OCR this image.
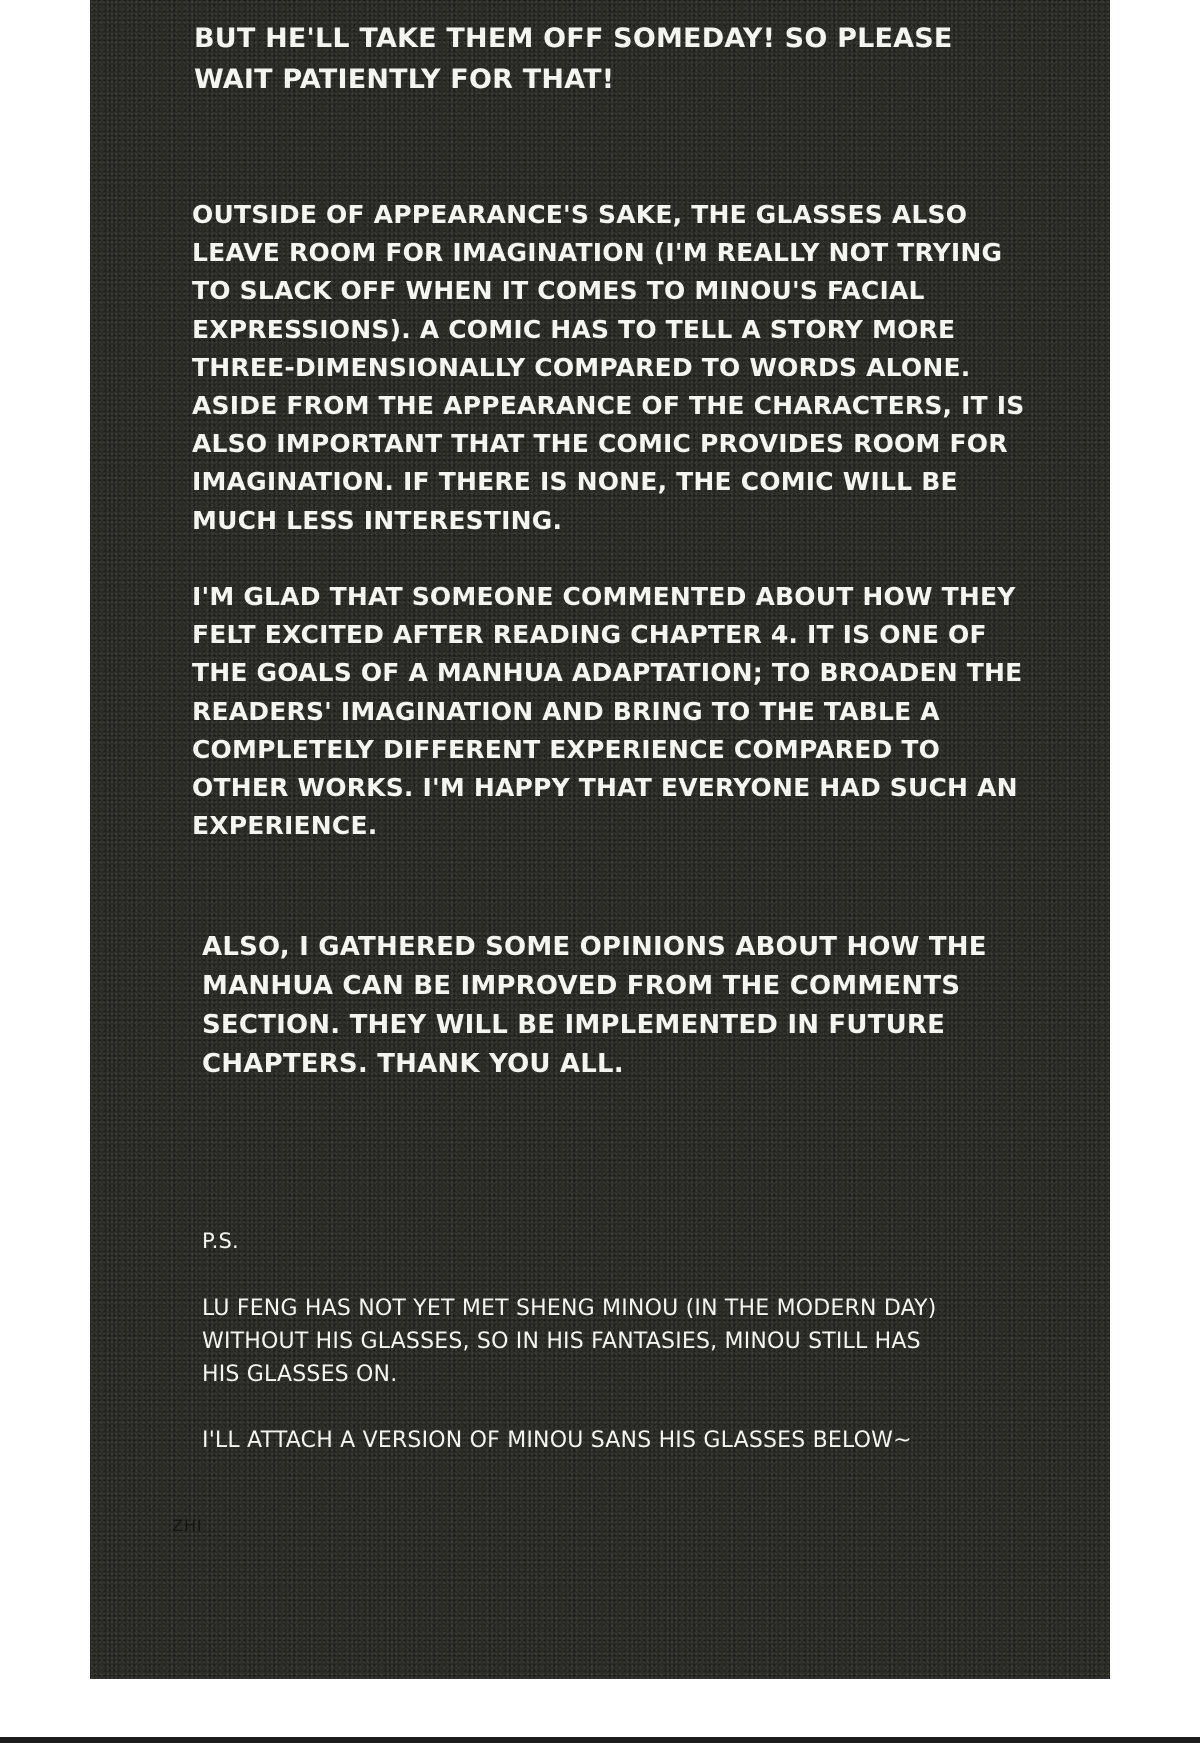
BUT HE'LL TAKE THEM OFF SOMEDAY! SO PLEASE
WAIT PATIENTLY FOR THAT!

OUTSIDE OF APPEARANCE'S SAKE, THE GLASSES ALSO
LEAVE ROOM FOR IMAGINATION (I'M REALLY NOT TRYING
TO SLACK OFF WHEN IT COMES TO MINOU'S FACIAL
EXPRESSIONS). A COMIC HAS TO TELL A STORY MORE
THREE-DIMENSIONALLY COMPARED TO WORDS ALONE.
ASIDE FROM THE APPEARANCE OF THE CHARACTERS, IT IS
ALSO IMPORTANT THAT THE COMIC PROVIDES ROOM FOR
IMAGINATION. IF THERE IS NONE, THE COMIC WILL BE
MUCH LESS INTERESTING.

I'M GLAD THAT SOMEONE COMMENTED ABOUT HOW THEY
FELT EXCITED AFTER READING CHAPTER 4. IT IS ONE OF
THE GOALS OF A MANHUA ADAPTATION; TO BROADEN THE
READERS' IMAGINATION AND BRING TO THE TABLE A
COMPLETELY DIFFERENT EXPERIENCE COMPARED TO
OTHER WORKS. I'M HAPPY THAT EVERYONE HAD SUCH AN
EXPERIENCE.

ALSO, I GATHERED SOME OPINIONS ABOUT HOW THE
MANHUA CAN BE IMPROVED FROM THE COMMENTS
SECTION. THEY WILL BE IMPLEMENTED IN FUTURE
CHAPTERS. THANK YOU ALL.

P.S.

LU FENG HAS NOT YET MET SHENG MINOU (IN THE MODERN DAY)
WITHOUT HIS GLASSES, SO IN HIS FANTASIES, MINOU STILL HAS
HIS GLASSES ON.

I'LL ATTACH A VERSION OF MINOU SANS HIS GLASSES BELOW~

ZHI
